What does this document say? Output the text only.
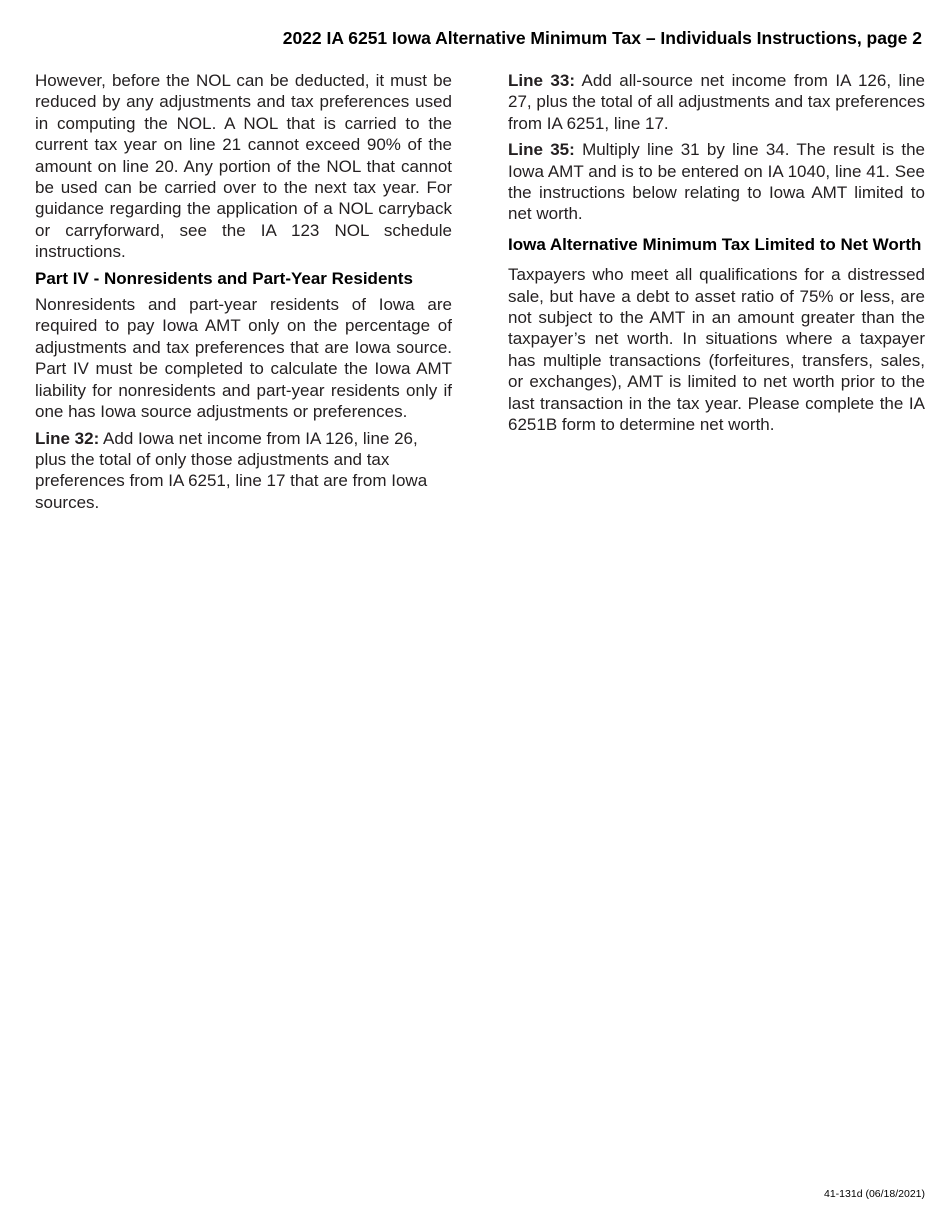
2022 IA 6251 Iowa Alternative Minimum Tax – Individuals Instructions, page 2

However, before the NOL can be deducted, it must be reduced by any adjustments and tax preferences used in computing the NOL. A NOL that is carried to the current tax year on line 21 cannot exceed 90% of the amount on line 20. Any portion of the NOL that cannot be used can be carried over to the next tax year. For guidance regarding the application of a NOL carryback or carryforward, see the IA 123 NOL schedule instructions.

Part IV - Nonresidents and Part-Year Residents

Nonresidents and part-year residents of Iowa are required to pay Iowa AMT only on the percentage of adjustments and tax preferences that are Iowa source. Part IV must be completed to calculate the Iowa AMT liability for nonresidents and part-year residents only if one has Iowa source adjustments or preferences.

Line 32: Add Iowa net income from IA 126, line 26, plus the total of only those adjustments and tax preferences from IA 6251, line 17 that are from Iowa sources.

Line 33: Add all-source net income from IA 126, line 27, plus the total of all adjustments and tax preferences from IA 6251, line 17.

Line 35: Multiply line 31 by line 34. The result is the Iowa AMT and is to be entered on IA 1040, line 41. See the instructions below relating to Iowa AMT limited to net worth.

Iowa Alternative Minimum Tax Limited to Net Worth

Taxpayers who meet all qualifications for a distressed sale, but have a debt to asset ratio of 75% or less, are not subject to the AMT in an amount greater than the taxpayer’s net worth. In situations where a taxpayer has multiple transactions (forfeitures, transfers, sales, or exchanges), AMT is limited to net worth prior to the last transaction in the tax year. Please complete the IA 6251B form to determine net worth.

41-131d (06/18/2021)
